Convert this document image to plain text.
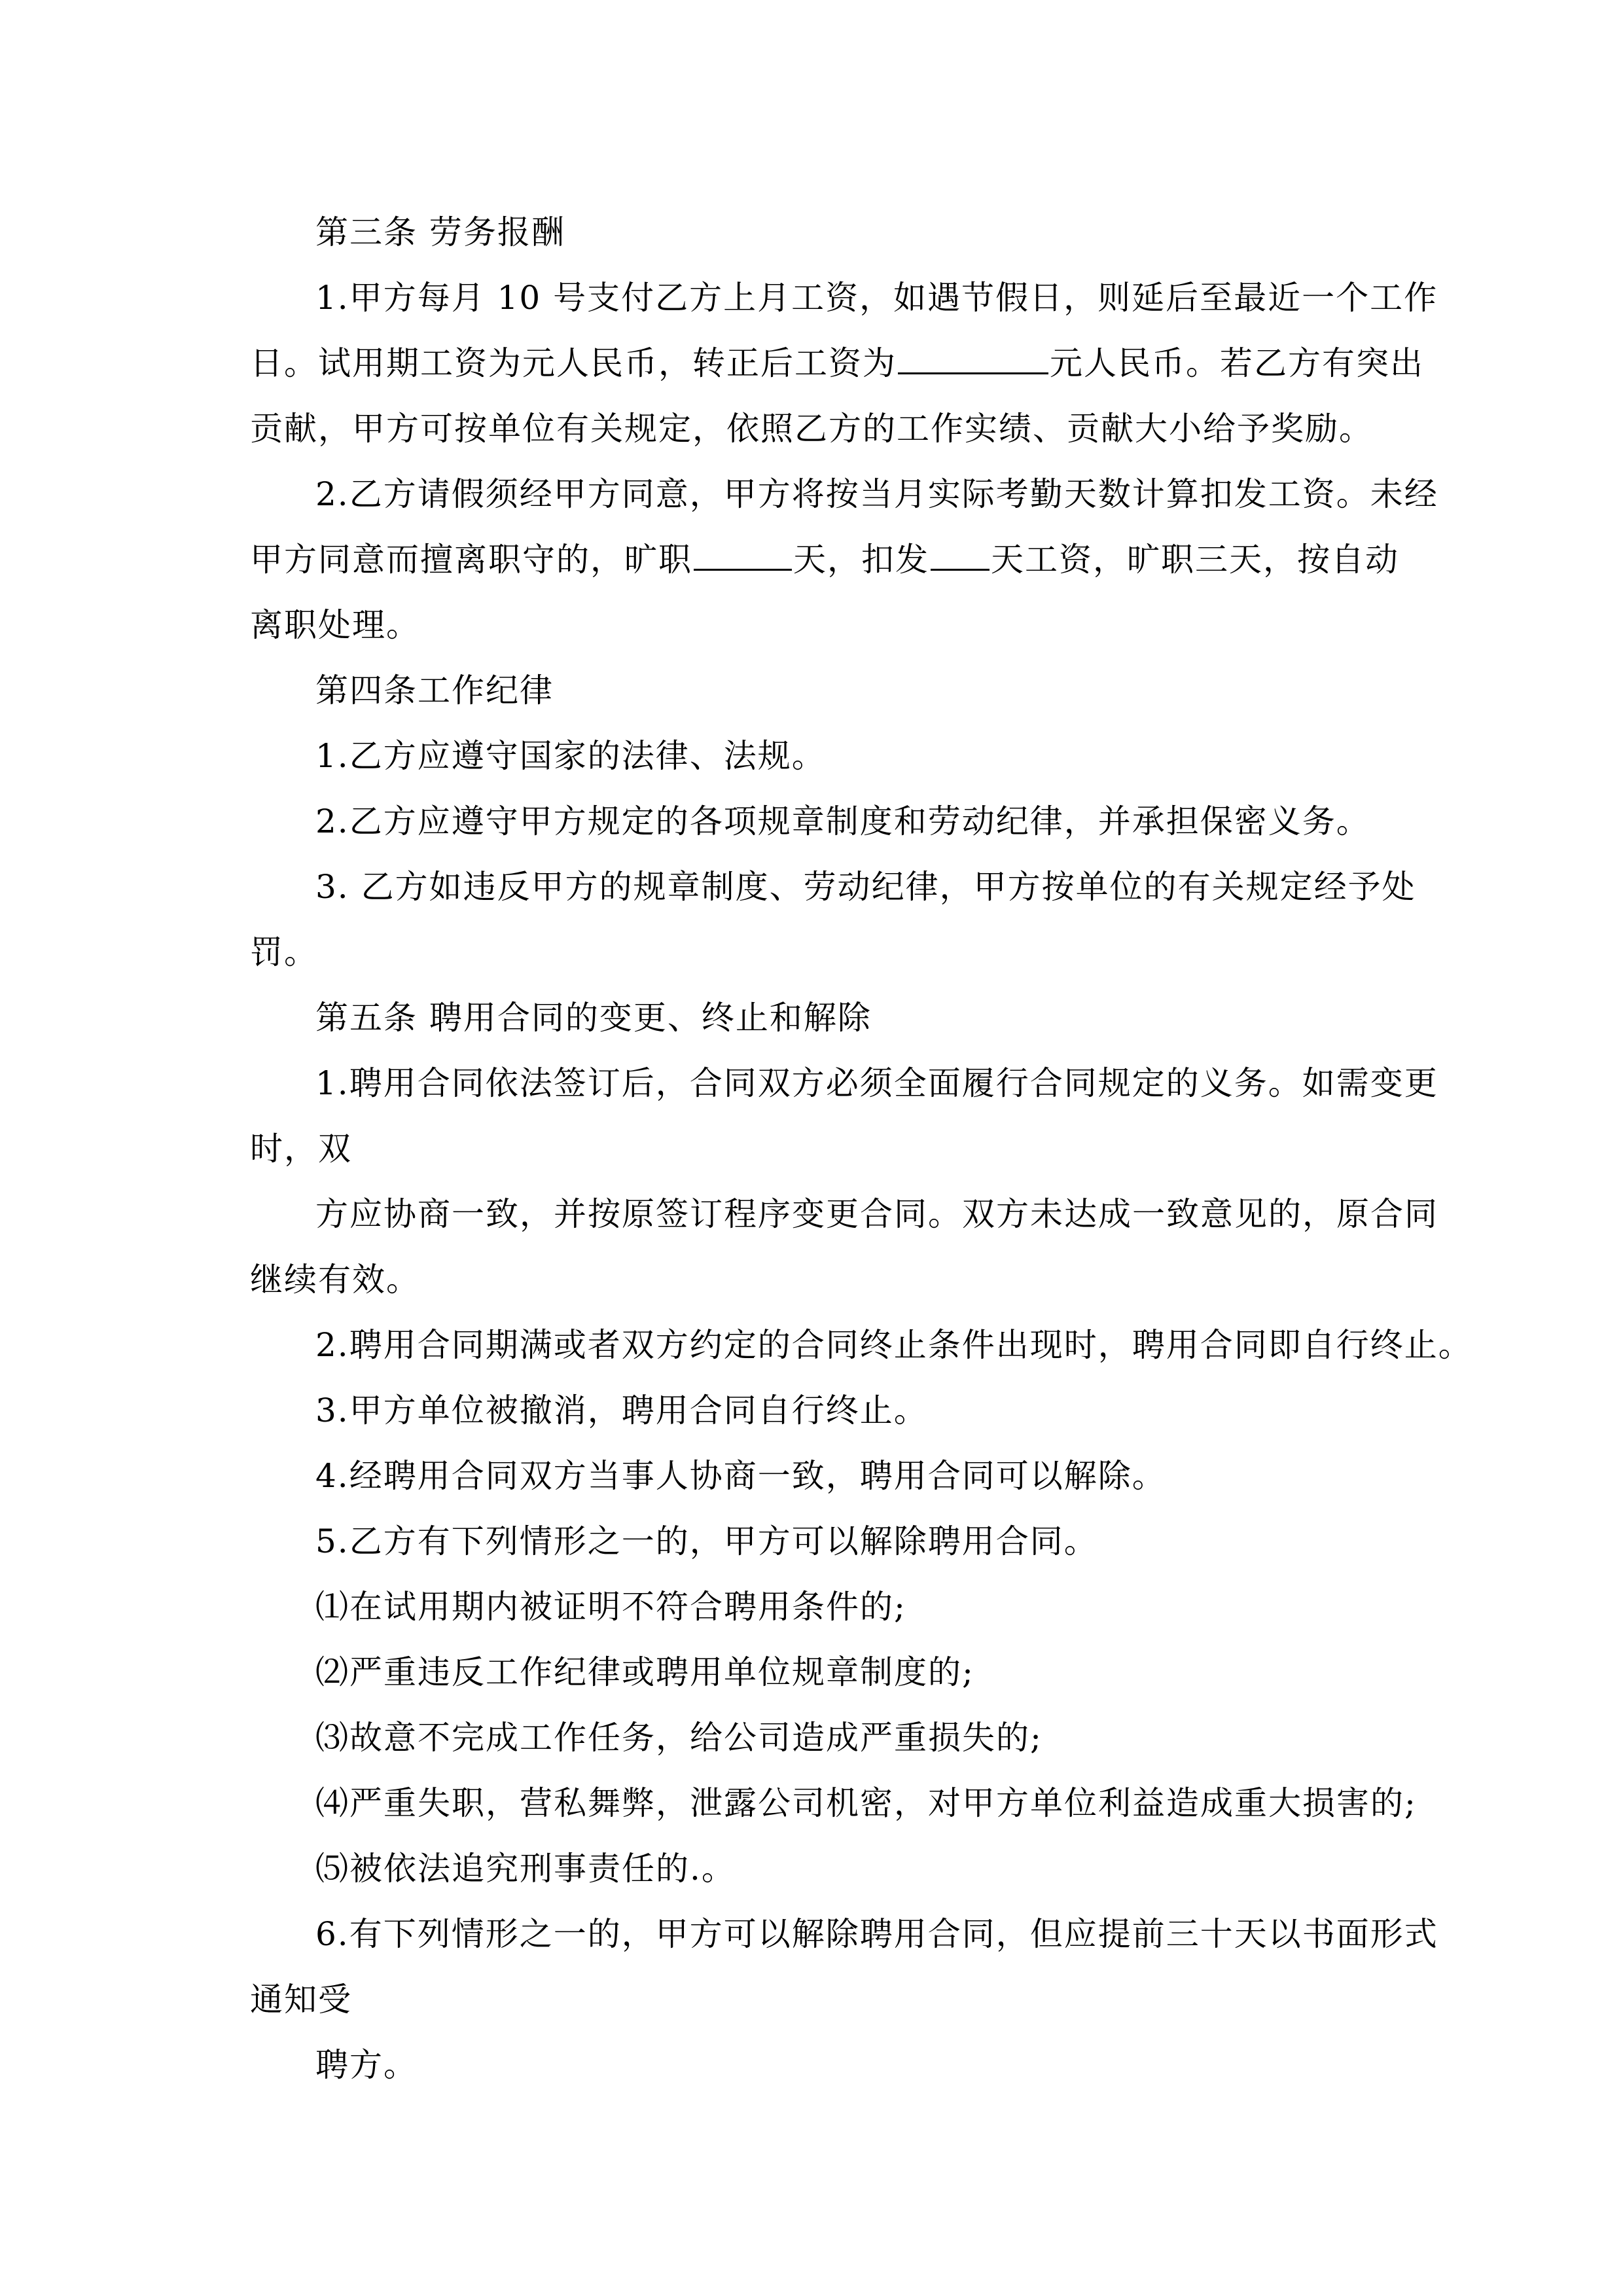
第三条 劳务报酬
1.甲方每月 10 号支付乙方上月工资，如遇节假日，则延后至最近一个工作
日。试用期工资为元人民币，转正后工资为	元人民币。若乙方有突出
贡献，甲方可按单位有关规定，依照乙方的工作实绩、贡献大小给予奖励。
2.乙方请假须经甲方同意，甲方将按当月实际考勤天数计算扣发工资。未经
甲方同意而擅离职守的，旷职	天，扣发 天工资，旷职三天，按自动
离职处理。
第四条工作纪律
1.乙方应遵守国家的法律、法规。
2.乙方应遵守甲方规定的各项规章制度和劳动纪律，并承担保密义务。
3. 乙方如违反甲方的规章制度、劳动纪律，甲方按单位的有关规定经予处
罚。
第五条 聘用合同的变更、终止和解除
1.聘用合同依法签订后，合同双方必须全面履行合同规定的义务。如需变更
时，双
方应协商一致，并按原签订程序变更合同。双方未达成一致意见的，原合同
继续有效。
2.聘用合同期满或者双方约定的合同终止条件出现时，聘用合同即自行终止。
3.甲方单位被撤消，聘用合同自行终止。
4.经聘用合同双方当事人协商一致，聘用合同可以解除。
5.乙方有下列情形之一的，甲方可以解除聘用合同。
⑴在试用期内被证明不符合聘用条件的;
⑵严重违反工作纪律或聘用单位规章制度的;
⑶故意不完成工作任务，给公司造成严重损失的;
⑷严重失职，营私舞弊，泄露公司机密，对甲方单位利益造成重大损害的;
⑸被依法追究刑事责任的.。
6.有下列情形之一的，甲方可以解除聘用合同，但应提前三十天以书面形式
通知受
聘方。
